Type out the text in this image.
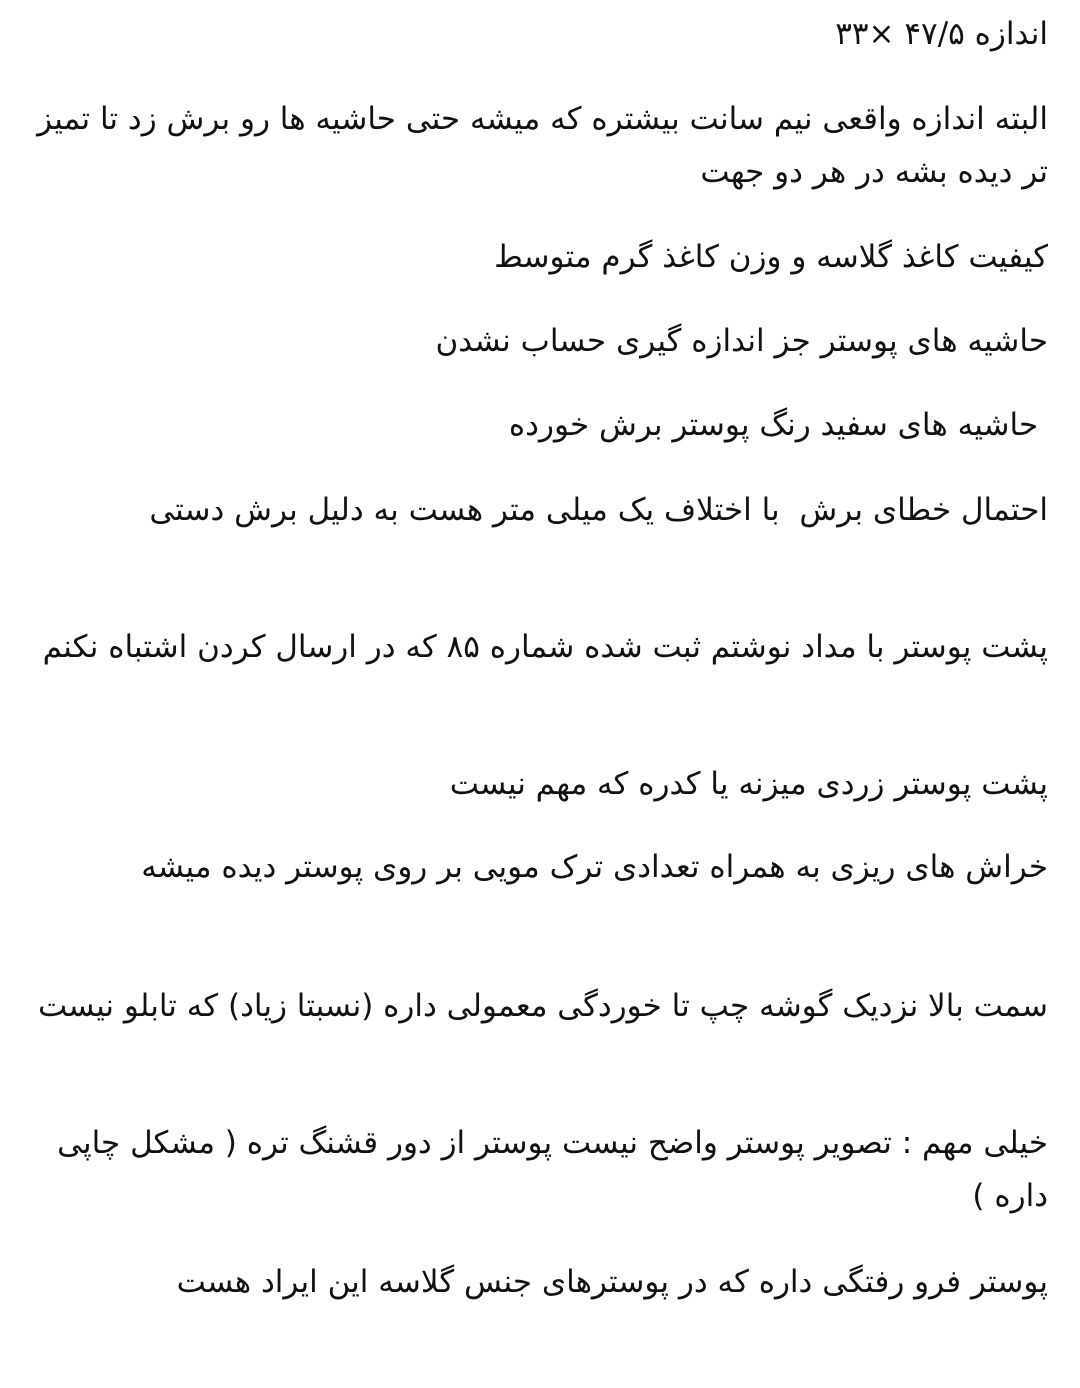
اندازه ۴۷/۵ ×۳۳

البته اندازه واقعی نیم سانت بیشتره که میشه حتی حاشیه ها رو برش زد تا تمیز تر دیده بشه در هر دو جهت

کیفیت کاغذ گلاسه و وزن کاغذ گرم متوسط

حاشیه های پوستر جز اندازه گیری حساب نشدن

حاشیه های سفید رنگ پوستر برش خورده

احتمال خطای برش  با اختلاف یک میلی متر هست به دلیل برش دستی

پشت پوستر با مداد نوشتم ثبت شده شماره ۸۵ که در ارسال کردن اشتباه نکنم

پشت پوستر زردی میزنه یا کدره که مهم نیست

خراش های ریزی به همراه تعدادی ترک مویی بر روی پوستر دیده میشه

سمت بالا نزدیک گوشه چپ تا خوردگی معمولی داره (نسبتا زیاد) که تابلو نیست

خیلی مهم : تصویر پوستر واضح نیست پوستر از دور قشنگ تره ( مشکل چاپی داره )

پوستر فرو رفتگی داره که در پوسترهای جنس گلاسه این ایراد هست
